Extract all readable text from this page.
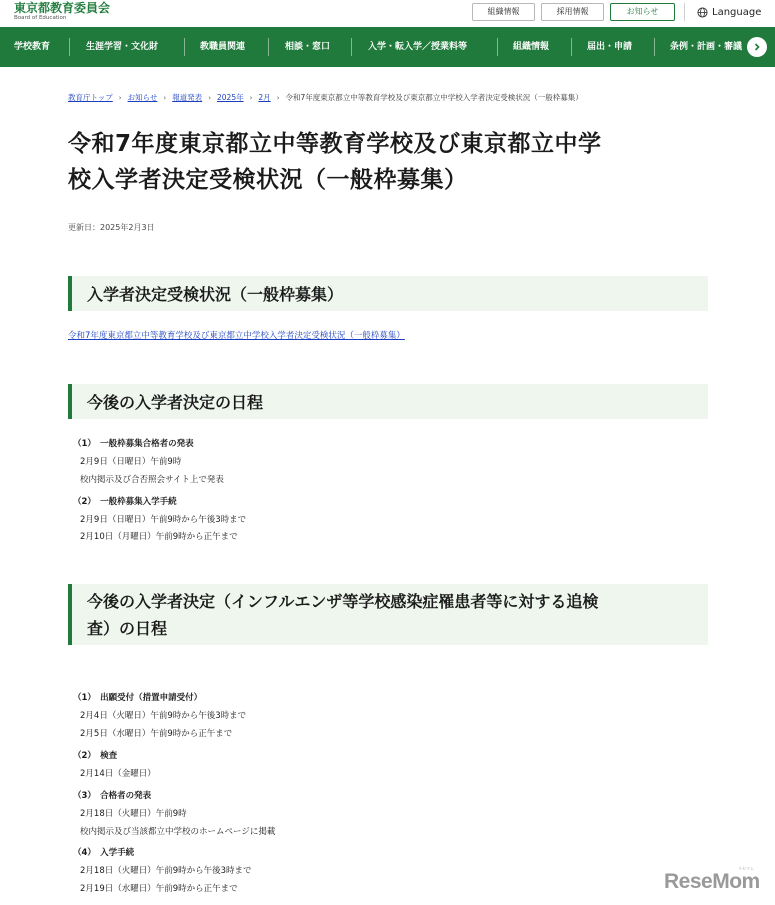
東京都教育委員会
Board of Education
組織情報	採用情報	お知らせ	Language
学校教育	生涯学習・文化財	教職員関連	相談・窓口	入学・転入学／授業料等	組織情報	届出・申請	条例・計画・審議
教育庁トップ › お知らせ › 報道発表 › 2025年 › 2月 › 令和7年度東京都立中等教育学校及び東京都立中学校入学者決定受検状況（一般枠募集）
令和7年度東京都立中等教育学校及び東京都立中学
校入学者決定受検状況（一般枠募集）
更新日：2025年2月3日
入学者決定受検状況（一般枠募集）
令和7年度東京都立中等教育学校及び東京都立中学校入学者決定受検状況（一般枠募集）
今後の入学者決定の日程
（1）　一般枠募集合格者の発表
2月9日（日曜日）午前9時
校内掲示及び合否照会サイト上で発表
（2）　一般枠募集入学手続
2月9日（日曜日）午前9時から午後3時まで
2月10日（月曜日）午前9時から正午まで
今後の入学者決定（インフルエンザ等学校感染症罹患者等に対する追検
査）の日程
（1）　出願受付（措置申請受付）
2月4日（火曜日）午前9時から午後3時まで
2月5日（水曜日）午前9時から正午まで
（2）　検査
2月14日（金曜日）
（3）　合格者の発表
2月18日（火曜日）午前9時
校内掲示及び当該都立中学校のホームページに掲載
（4）　入学手続
2月18日（火曜日）午前9時から午後3時まで
2月19日（水曜日）午前9時から正午まで
リセマム
ReseMom
